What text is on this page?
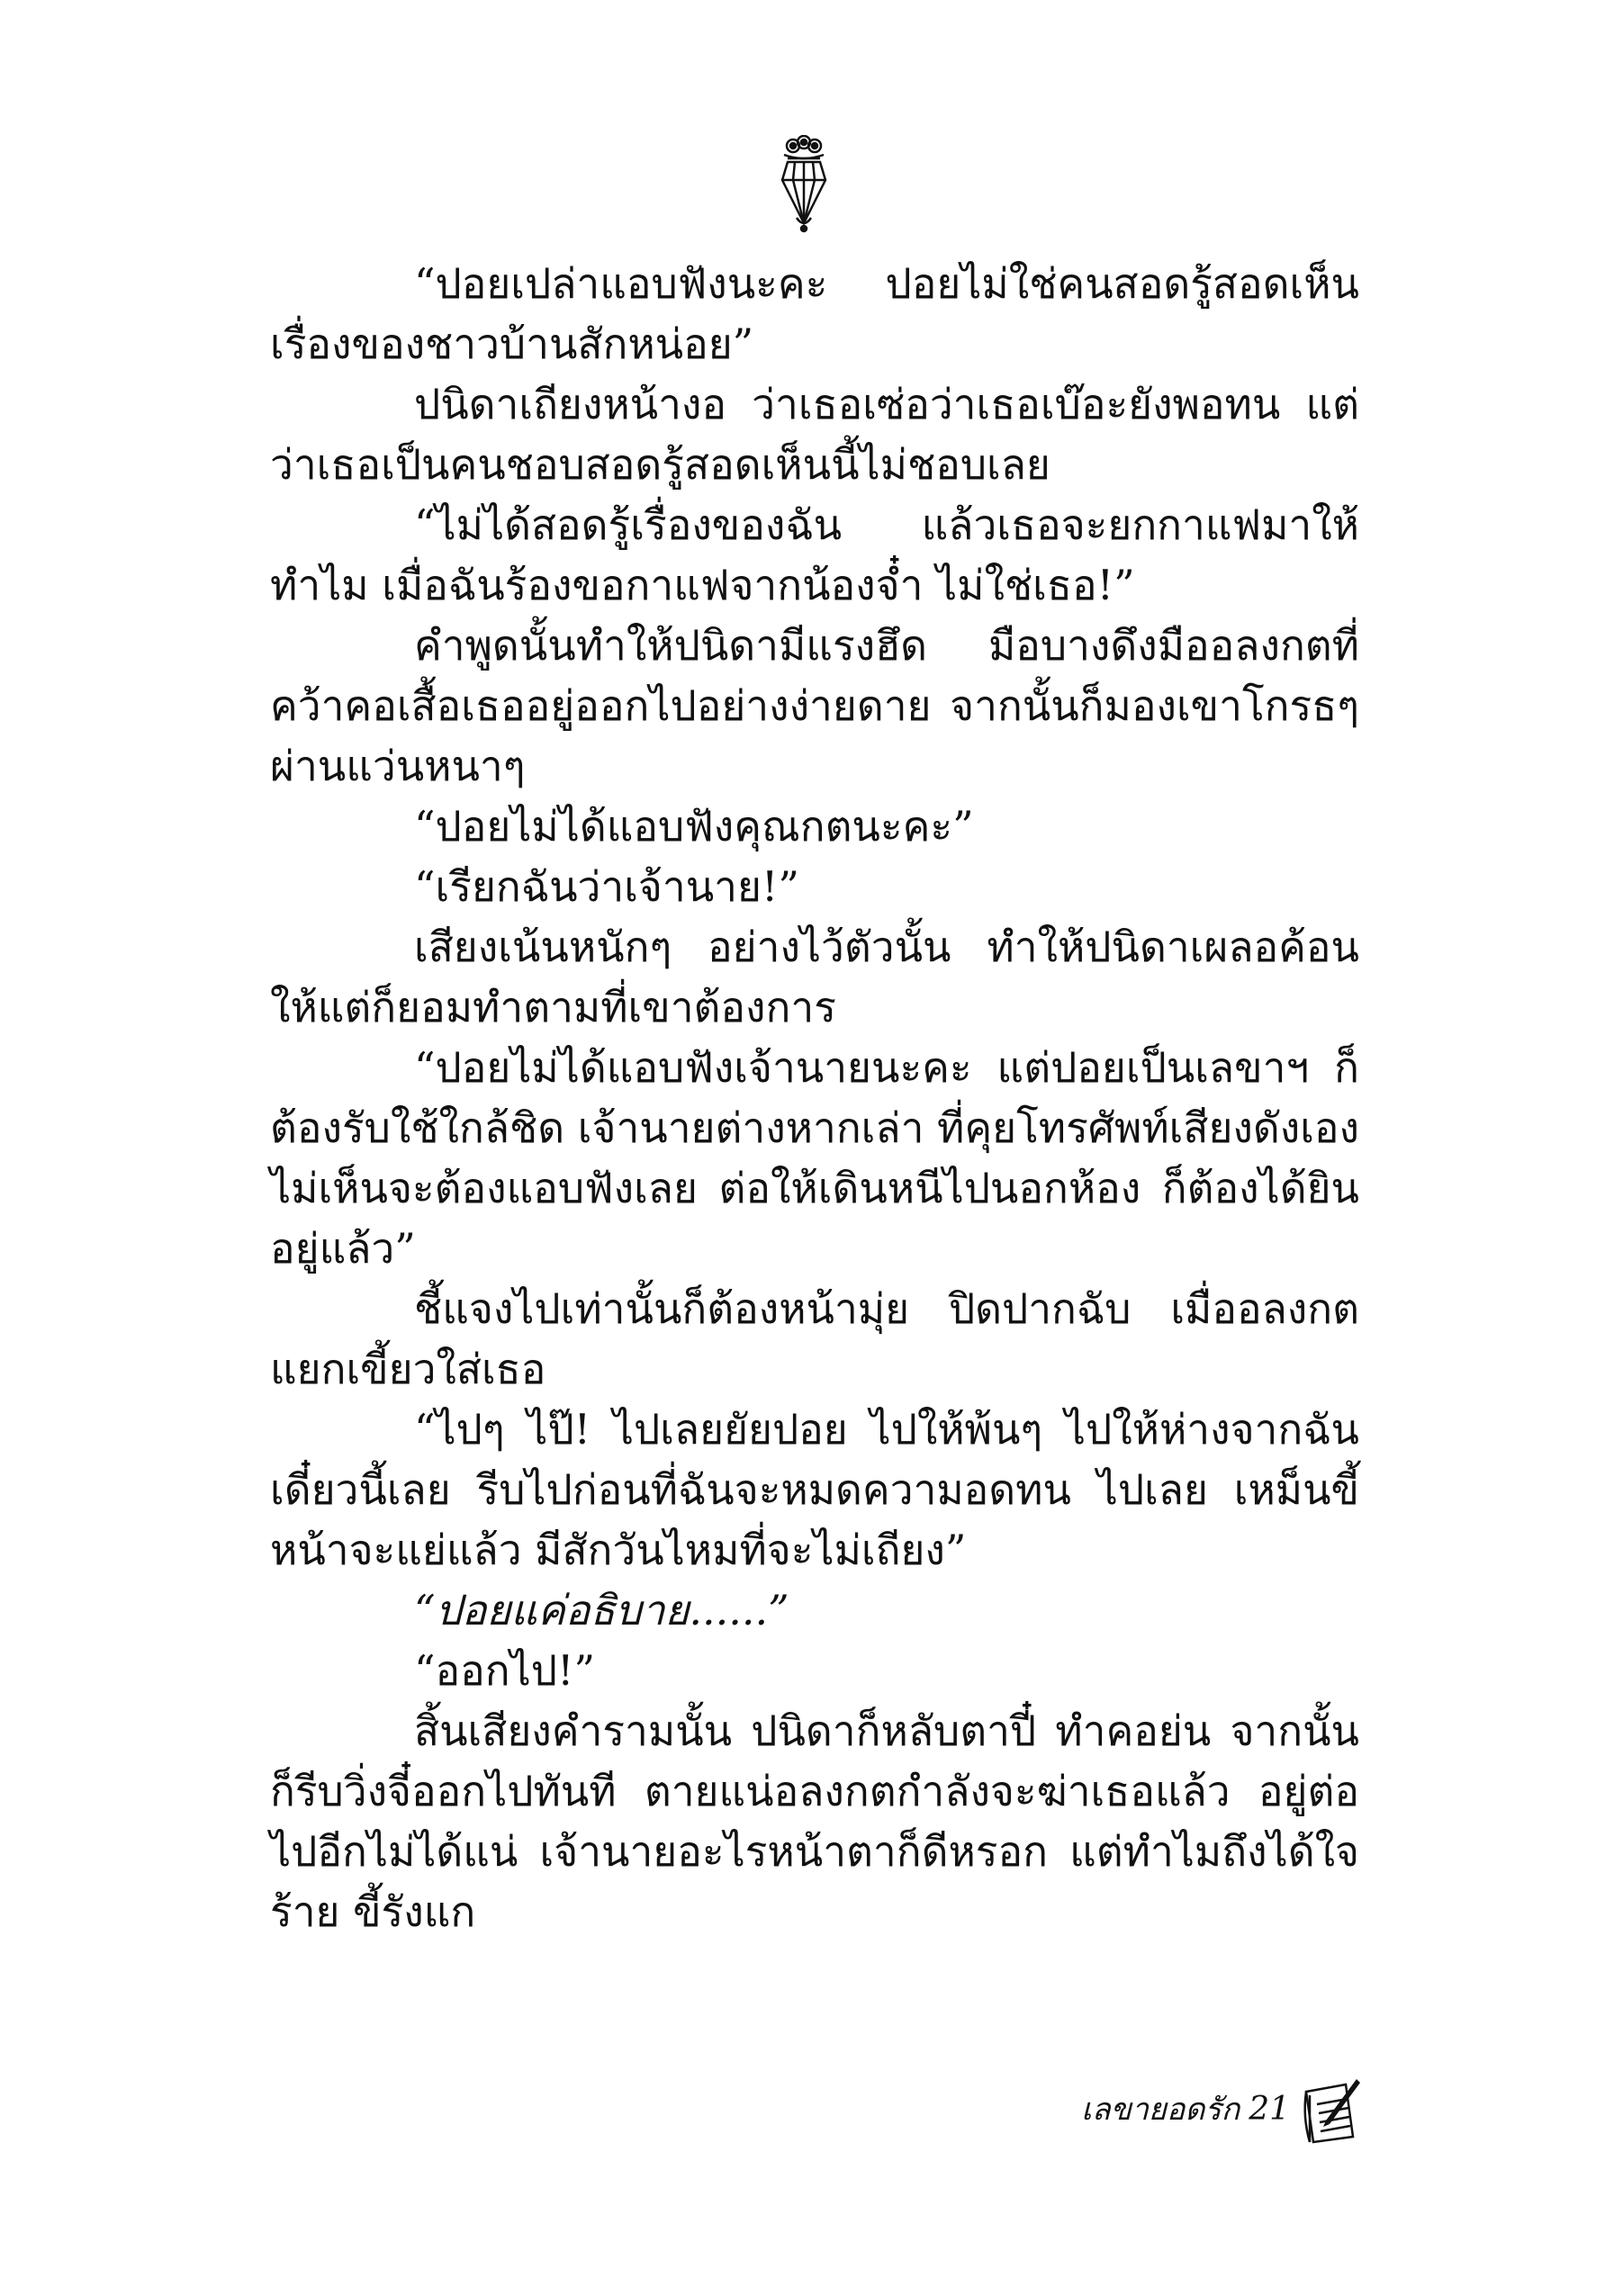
“ปอยเปล่าแอบฟังนะคะ ปอยไม่ใช่คนสอดรู้สอดเห็นเรื่องของชาวบ้านสักหน่อย”

ปนิดาเถียงหน้างอ ว่าเธอเซ่อว่าเธอเบ๊อะยังพอทน แต่ว่าเธอเป็นคนชอบสอดรู้สอดเห็นนี้ไม่ชอบเลย

“ไม่ได้สอดรู้เรื่องของฉัน แล้วเธอจะยกกาแฟมาให้ทำไม เมื่อฉันร้องขอกาแฟจากน้องจ๋ำ ไม่ใช่เธอ!”

คำพูดนั้นทำให้ปนิดามีแรงฮึด มือบางดึงมืออลงกตที่คว้าคอเสื้อเธออยู่ออกไปอย่างง่ายดาย จากนั้นก็มองเขาโกรธๆ ผ่านแว่นหนาๆ

“ปอยไม่ได้แอบฟังคุณกตนะคะ”

“เรียกฉันว่าเจ้านาย!”

เสียงเน้นหนักๆ อย่างไว้ตัวนั้น ทำให้ปนิดาเผลอค้อนให้แต่ก็ยอมทำตามที่เขาต้องการ

“ปอยไม่ได้แอบฟังเจ้านายนะคะ แต่ปอยเป็นเลขาฯ ก็ต้องรับใช้ใกล้ชิด เจ้านายต่างหากเล่า ที่คุยโทรศัพท์เสียงดังเอง ไม่เห็นจะต้องแอบฟังเลย ต่อให้เดินหนีไปนอกห้อง ก็ต้องได้ยินอยู่แล้ว”

ชี้แจงไปเท่านั้นก็ต้องหน้ามุ่ย ปิดปากฉับ เมื่ออลงกตแยกเขี้ยวใส่เธอ

“ไปๆ ไป๊! ไปเลยยัยปอย ไปให้พ้นๆ ไปให้ห่างจากฉันเดี๋ยวนี้เลย รีบไปก่อนที่ฉันจะหมดความอดทน ไปเลย เหม็นขี้หน้าจะแย่แล้ว มีสักวันไหมที่จะไม่เถียง”

“ปอยแค่อธิบาย......”

“ออกไป!”

สิ้นเสียงคำรามนั้น ปนิดาก็หลับตาปี๋ ทำคอย่น จากนั้นก็รีบวิ่งจี๋ออกไปทันที ตายแน่อลงกตกำลังจะฆ่าเธอแล้ว อยู่ต่อไปอีกไม่ได้แน่ เจ้านายอะไรหน้าตาก็ดีหรอก แต่ทำไมถึงได้ใจร้าย ขี้รังแก

เลขายอดรัก 21
